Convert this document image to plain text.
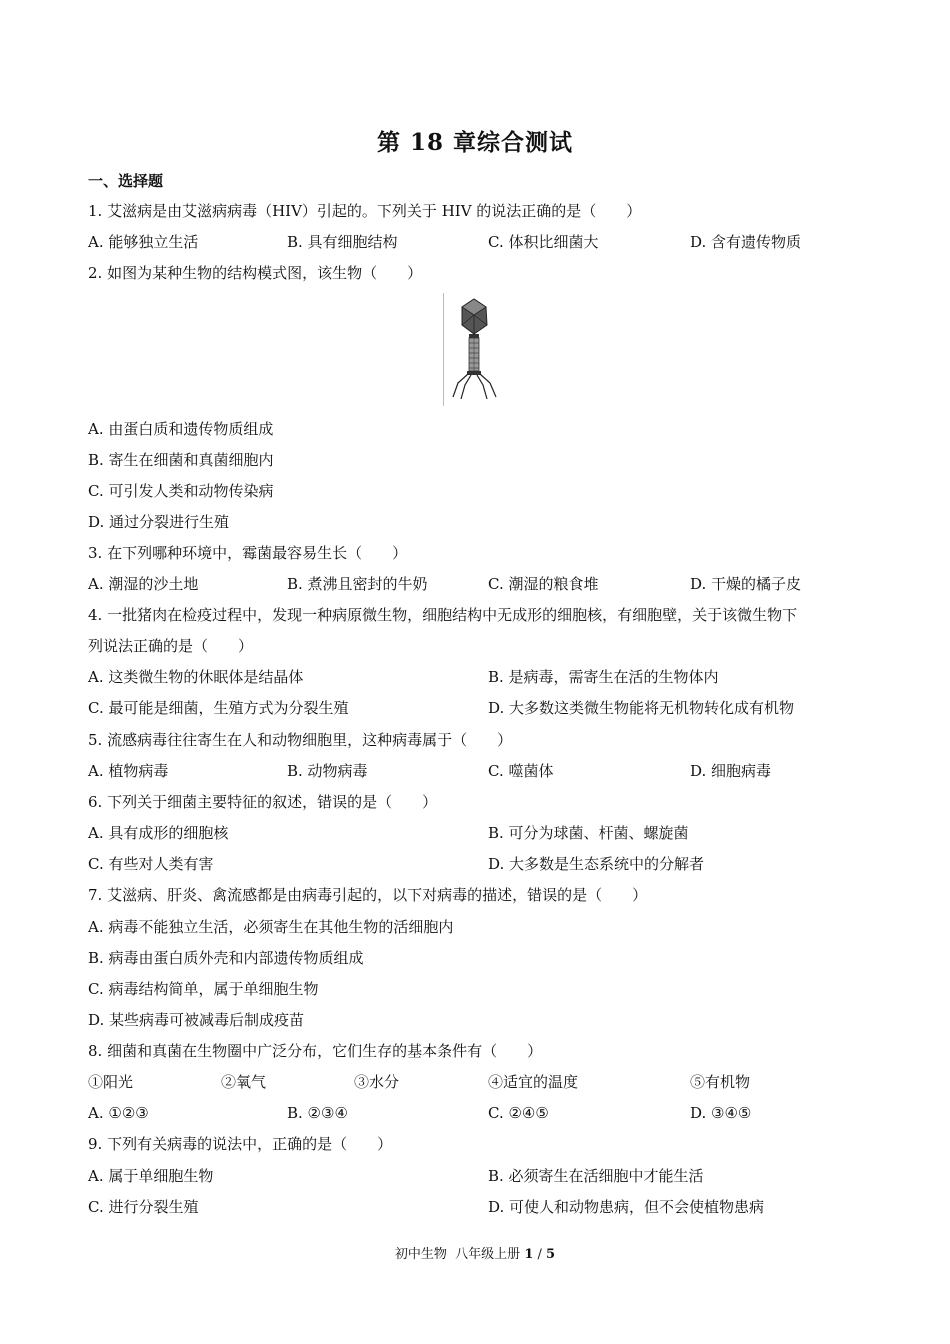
第 18 章综合测试
一、选择题
1. 艾滋病是由艾滋病病毒（HIV）引起的。下列关于 HIV 的说法正确的是（　　）
A. 能够独立生活	B. 具有细胞结构	C. 体积比细菌大	D. 含有遗传物质
2. 如图为某种生物的结构模式图，该生物（　　）
A. 由蛋白质和遗传物质组成
B. 寄生在细菌和真菌细胞内
C. 可引发人类和动物传染病
D. 通过分裂进行生殖
3. 在下列哪种环境中，霉菌最容易生长（　　）
A. 潮湿的沙土地	B. 煮沸且密封的牛奶	C. 潮湿的粮食堆	D. 干燥的橘子皮
4. 一批猪肉在检疫过程中，发现一种病原微生物，细胞结构中无成形的细胞核，有细胞壁，关于该微生物下
列说法正确的是（　　）
A. 这类微生物的休眠体是结晶体	B. 是病毒，需寄生在活的生物体内
C. 最可能是细菌，生殖方式为分裂生殖	D. 大多数这类微生物能将无机物转化成有机物
5. 流感病毒往往寄生在人和动物细胞里，这种病毒属于（　　）
A. 植物病毒	B. 动物病毒	C. 噬菌体	D. 细胞病毒
6. 下列关于细菌主要特征的叙述，错误的是（　　）
A. 具有成形的细胞核	B. 可分为球菌、杆菌、螺旋菌
C. 有些对人类有害	D. 大多数是生态系统中的分解者
7. 艾滋病、肝炎、禽流感都是由病毒引起的，以下对病毒的描述，错误的是（　　）
A. 病毒不能独立生活，必须寄生在其他生物的活细胞内
B. 病毒由蛋白质外壳和内部遗传物质组成
C. 病毒结构简单，属于单细胞生物
D. 某些病毒可被减毒后制成疫苗
8. 细菌和真菌在生物圈中广泛分布，它们生存的基本条件有（　　）
①阳光	②氧气	③水分	④适宜的温度	⑤有机物
A. ①②③	B. ②③④	C. ②④⑤	D. ③④⑤
9. 下列有关病毒的说法中，正确的是（　　）
A. 属于单细胞生物	B. 必须寄生在活细胞中才能生活
C. 进行分裂生殖	D. 可使人和动物患病，但不会使植物患病
初中生物  八年级上册 1 / 5
